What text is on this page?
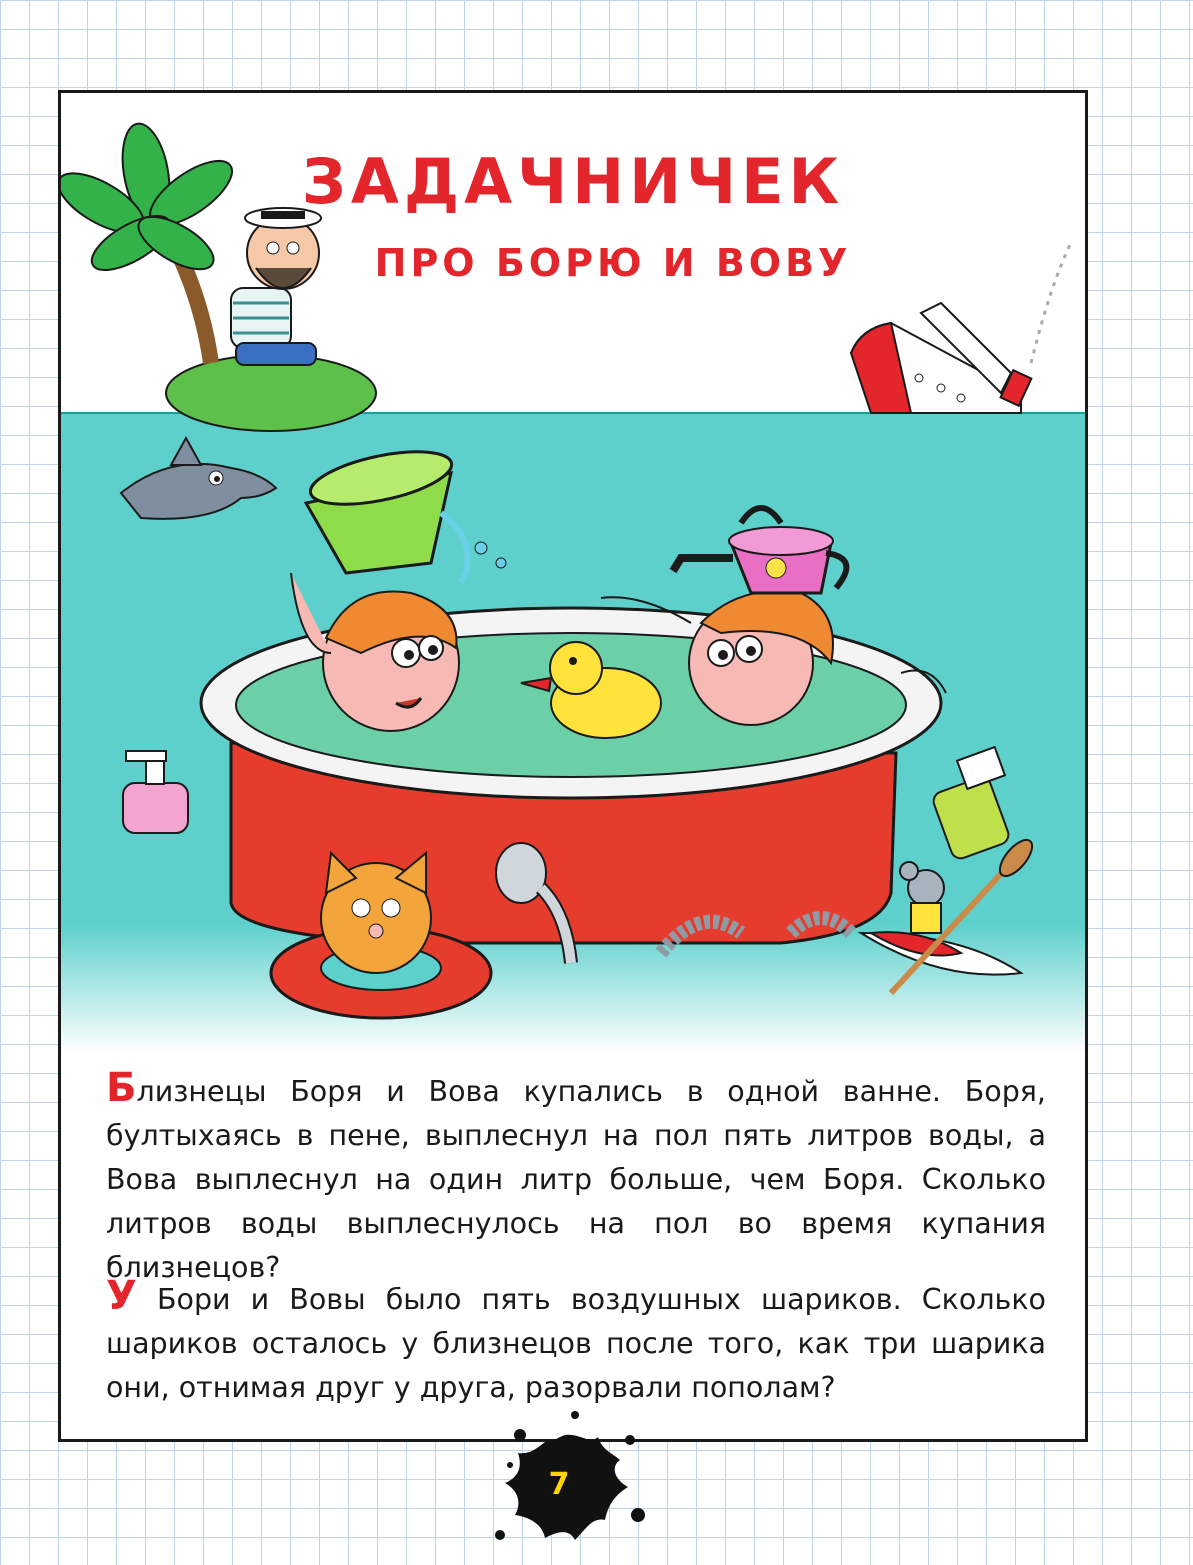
ЗАДАЧНИЧЕК
ПРО БОРЮ И ВОВУ

Близнецы Боря и Вова купались в одной ванне. Боря, бултыхаясь в пене, выплеснул на пол пять литров воды, а Вова выплеснул на один литр больше, чем Боря. Сколько литров воды выплеснулось на пол во время купания близнецов?

У Бори и Вовы было пять воздушных шариков. Сколько шариков осталось у близнецов после того, как три шарика они, отнимая друг у друга, разорвали пополам?

7
